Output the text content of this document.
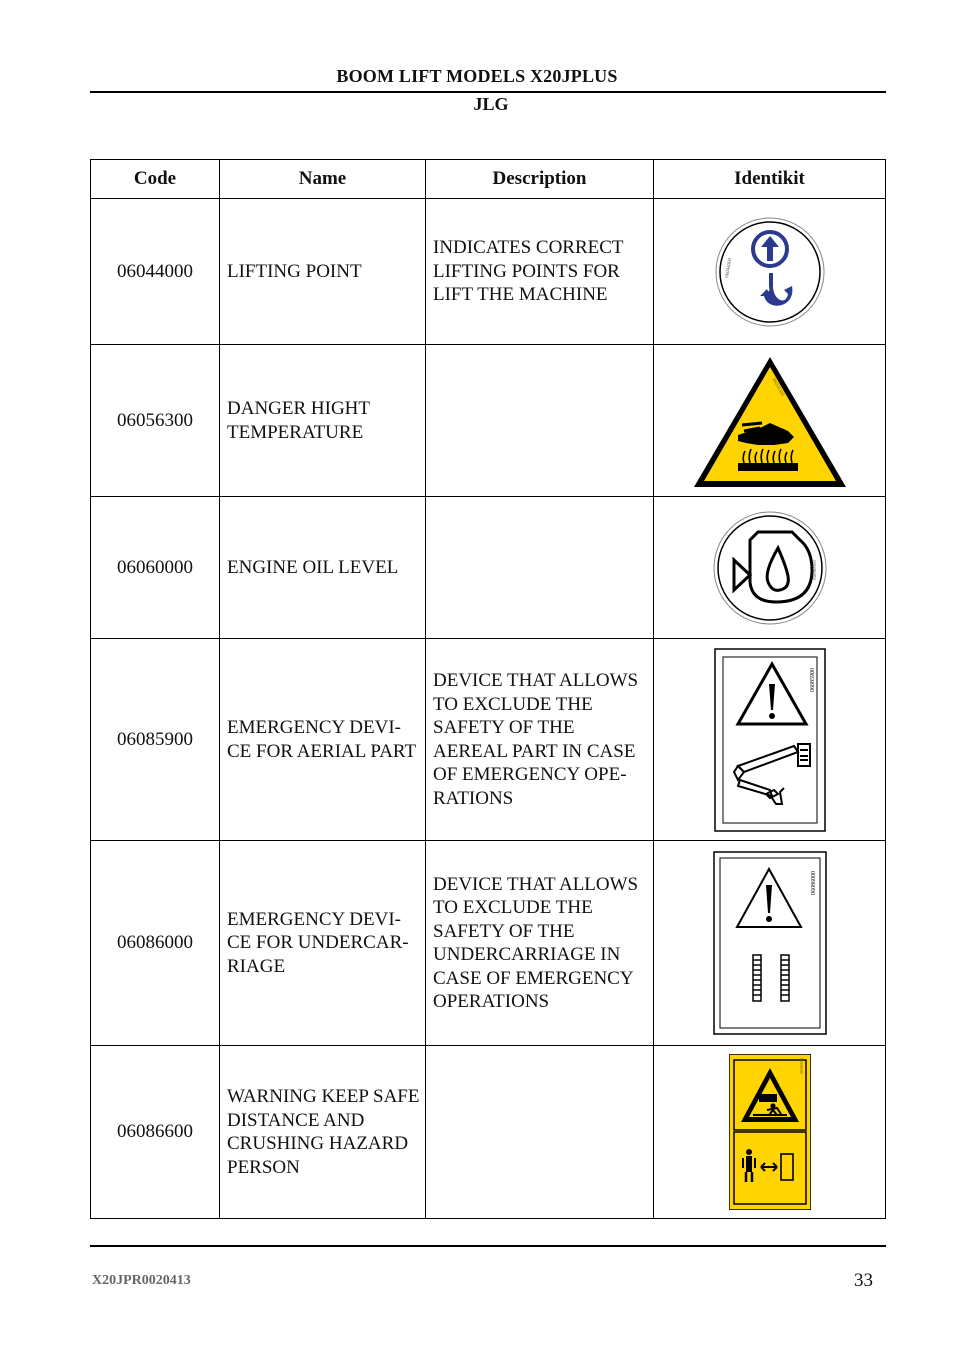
BOOM LIFT MODELS X20JPLUS
JLG
Code	Name	Description	Identikit
06044000	LIFTING POINT	INDICATES CORRECT LIFTING POINTS FOR LIFT THE MACHINE	06044000

06056300	DANGER HIGHT TEMPERATURE		06056300

06060000	ENGINE OIL LEVEL		06060000

06085900	EMERGENCY DEVI-CE FOR AERIAL PART	DEVICE THAT ALLOWS TO EXCLUDE THE SAFETY OF THE AEREAL PART IN CASE OF EMERGENCY OPE-RATIONS	06085900

06086000	EMERGENCY DEVI-CE FOR UNDERCAR-RIAGE	DEVICE THAT ALLOWS TO EXCLUDE THE SAFETY OF THE UNDERCARRIAGE IN CASE OF EMERGENCY OPERATIONS	06086000

06086600	WARNING KEEP SAFE DISTANCE AND CRUSHING HAZARD PERSON		06086600
X20JPR0020413	33
